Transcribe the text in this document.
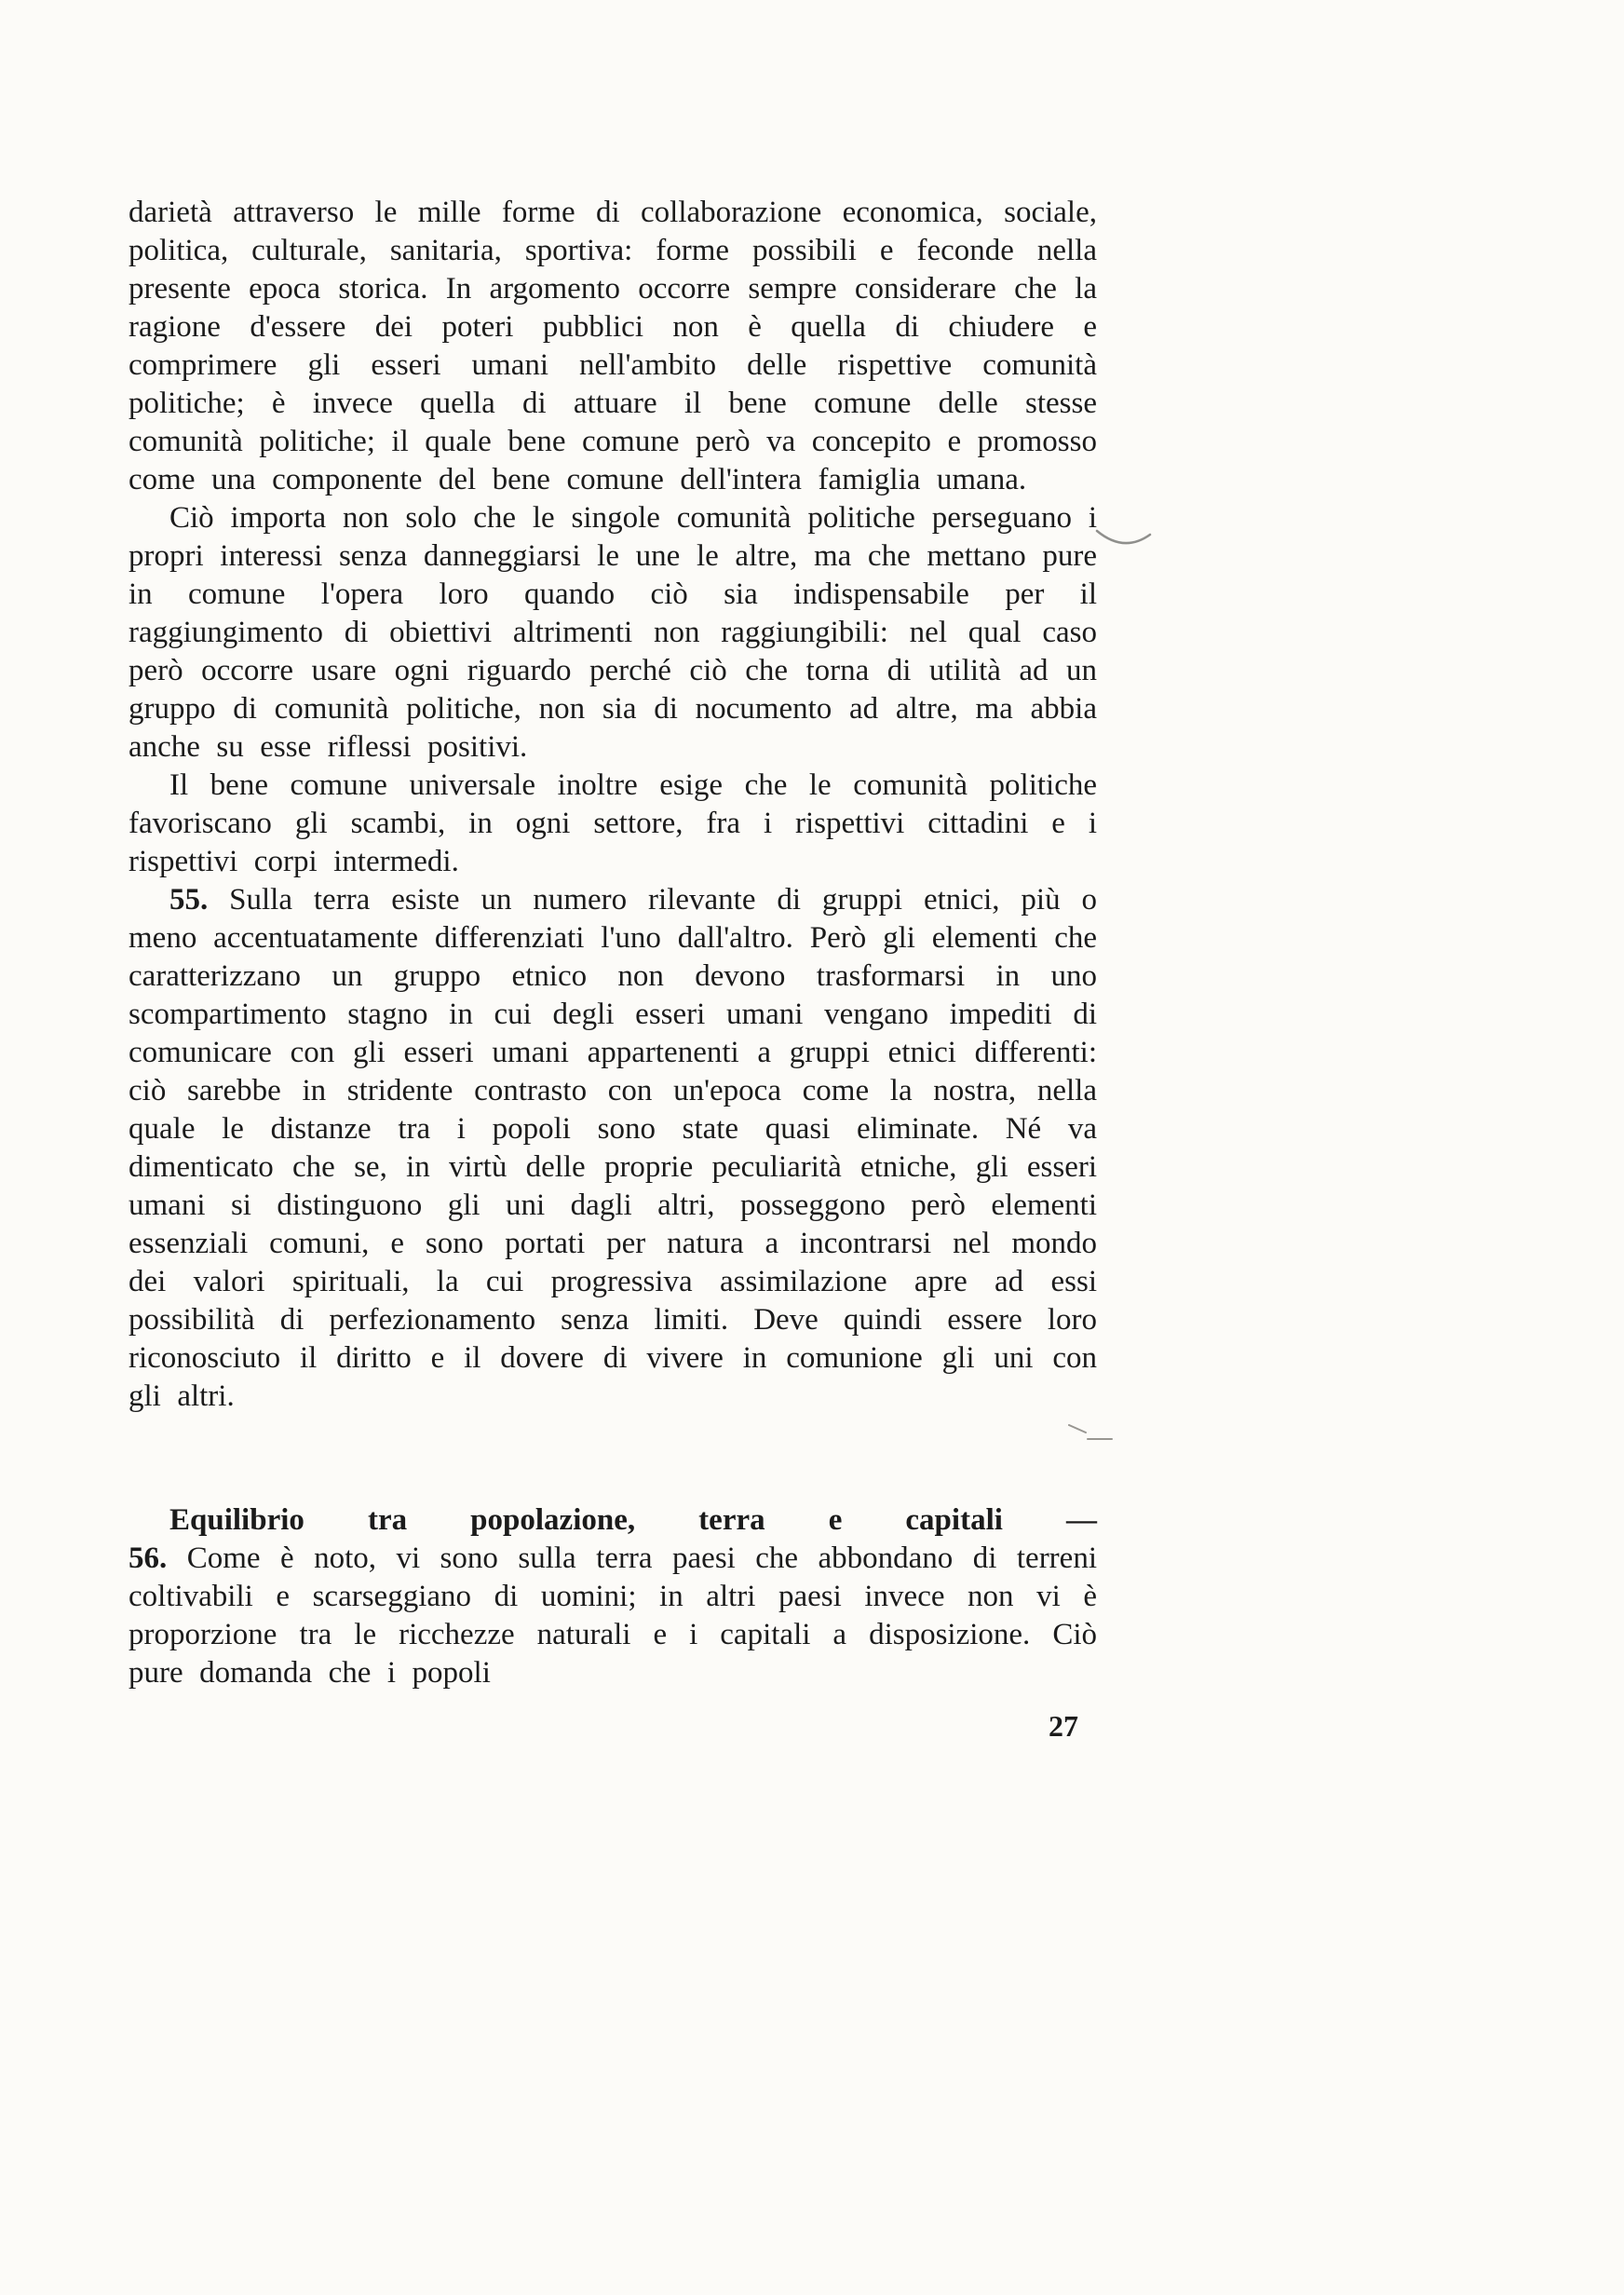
darietà attraverso le mille forme di collaborazione economica, sociale, politica, culturale, sanitaria, sportiva: forme possibili e feconde nella presente epoca storica. In argomento occorre sempre considerare che la ragione d'essere dei poteri pubblici non è quella di chiudere e comprimere gli esseri umani nell'ambito delle rispettive comunità politiche; è invece quella di attuare il bene comune delle stesse comunità politiche; il quale bene comune però va concepito e promosso come una componente del bene comune dell'intera famiglia umana.

Ciò importa non solo che le singole comunità politiche perseguano i propri interessi senza danneggiarsi le une le altre, ma che mettano pure in comune l'opera loro quando ciò sia indispensabile per il raggiungimento di obiettivi altrimenti non raggiungibili: nel qual caso però occorre usare ogni riguardo perché ciò che torna di utilità ad un gruppo di comunità politiche, non sia di nocumento ad altre, ma abbia anche su esse riflessi positivi.

Il bene comune universale inoltre esige che le comunità politiche favoriscano gli scambi, in ogni settore, fra i rispettivi cittadini e i rispettivi corpi intermedi.

55. Sulla terra esiste un numero rilevante di gruppi etnici, più o meno accentuatamente differenziati l'uno dall'altro. Però gli elementi che caratterizzano un gruppo etnico non devono trasformarsi in uno scompartimento stagno in cui degli esseri umani vengano impediti di comunicare con gli esseri umani appartenenti a gruppi etnici differenti: ciò sarebbe in stridente contrasto con un'epoca come la nostra, nella quale le distanze tra i popoli sono state quasi eliminate. Né va dimenticato che se, in virtù delle proprie peculiarità etniche, gli esseri umani si distinguono gli uni dagli altri, posseggono però elementi essenziali comuni, e sono portati per natura a incontrarsi nel mondo dei valori spirituali, la cui progressiva assimilazione apre ad essi possibilità di perfezionamento senza limiti. Deve quindi essere loro riconosciuto il diritto e il dovere di vivere in comunione gli uni con gli altri.

Equilibrio tra popolazione, terra e capitali —

56. Come è noto, vi sono sulla terra paesi che abbondano di terreni coltivabili e scarseggiano di uomini; in altri paesi invece non vi è proporzione tra le ricchezze naturali e i capitali a disposizione. Ciò pure domanda che i popoli

27
